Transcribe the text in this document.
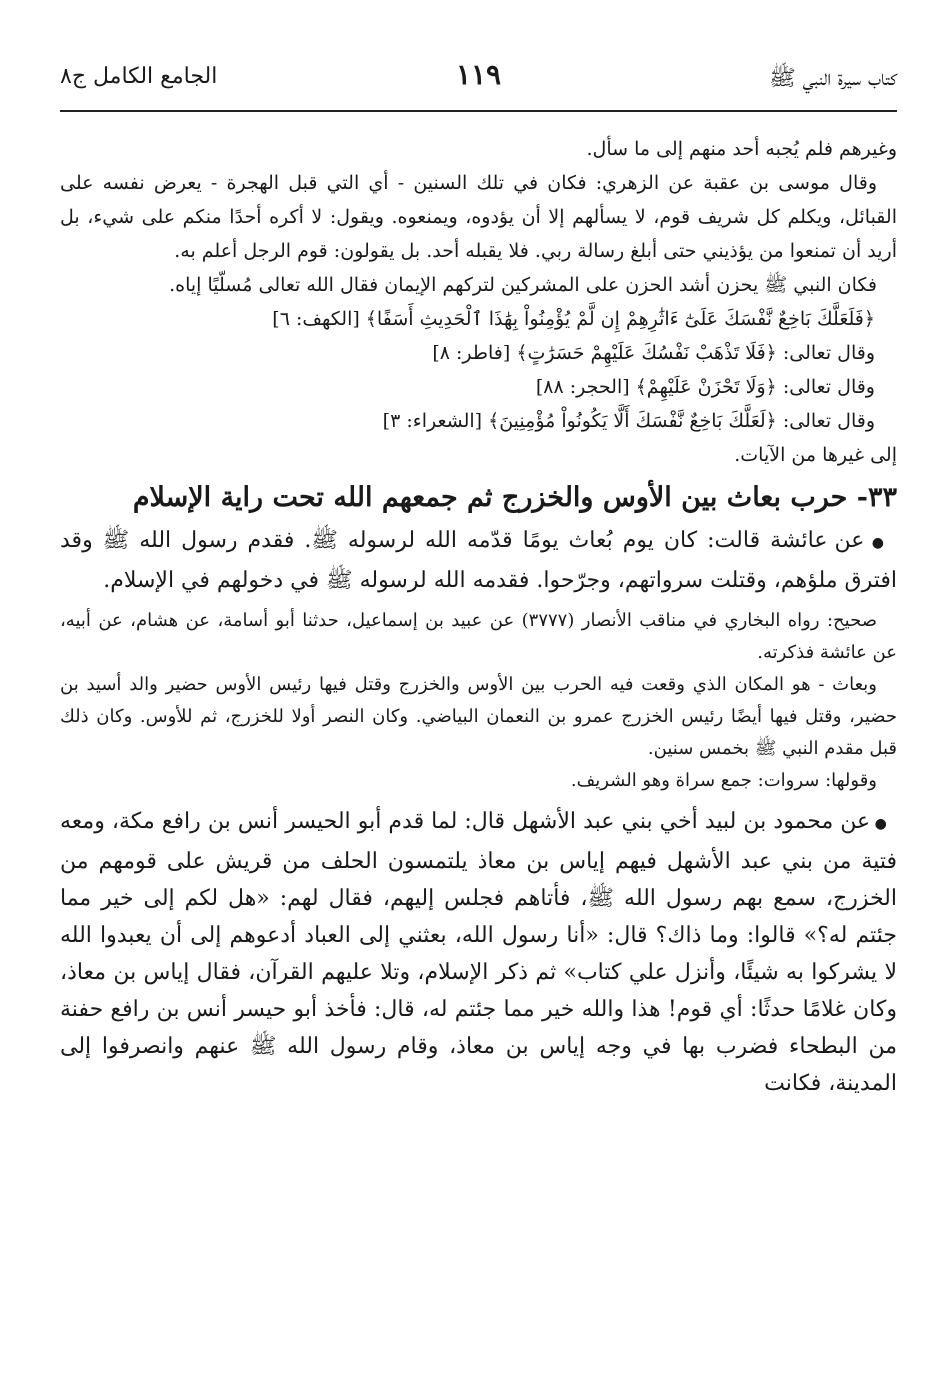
كتاب سيرة النبي ﷺ
١١٩
الجامع الكامل ج٨

وغيرهم فلم يُجبه أحد منهم إلى ما سأل.

وقال موسى بن عقبة عن الزهري: فكان في تلك السنين - أي التي قبل الهجرة - يعرض نفسه على القبائل، ويكلم كل شريف قوم، لا يسألهم إلا أن يؤدوه، ويمنعوه. ويقول: لا أكره أحدًا منكم على شيء، بل أريد أن تمنعوا من يؤذيني حتى أبلغ رسالة ربي. فلا يقبله أحد. بل يقولون: قوم الرجل أعلم به.

فكان النبي ﷺ يحزن أشد الحزن على المشركين لتركهم الإيمان فقال الله تعالى مُسلّيًا إياه.

﴿فَلَعَلَّكَ بَاخِعٌ نَّفْسَكَ عَلَىٰٓ ءَاثَٰرِهِمْ إِن لَّمْ يُؤْمِنُواْ بِهَٰذَا ٱلْحَدِيثِ أَسَفًا﴾ [الكهف: ٦]

وقال تعالى: ﴿فَلَا تَذْهَبْ نَفْسُكَ عَلَيْهِمْ حَسَرَٰتٍ﴾ [فاطر: ٨]

وقال تعالى: ﴿وَلَا تَحْزَنْ عَلَيْهِمْ﴾ [الحجر: ٨٨]

وقال تعالى: ﴿لَعَلَّكَ بَاخِعٌ نَّفْسَكَ أَلَّا يَكُونُواْ مُؤْمِنِينَ﴾ [الشعراء: ٣]

إلى غيرها من الآيات.

٣٣- حرب بعاث بين الأوس والخزرج ثم جمعهم الله تحت راية الإسلام

● عن عائشة قالت: كان يوم بُعاث يومًا قدّمه الله لرسوله ﷺ. فقدم رسول الله ﷺ وقد افترق ملؤهم، وقتلت سرواتهم، وجرّحوا. فقدمه الله لرسوله ﷺ في دخولهم في الإسلام.

صحيح: رواه البخاري في مناقب الأنصار (٣٧٧٧) عن عبيد بن إسماعيل، حدثنا أبو أسامة، عن هشام، عن أبيه، عن عائشة فذكرته.

وبعاث - هو المكان الذي وقعت فيه الحرب بين الأوس والخزرج وقتل فيها رئيس الأوس حضير والد أسيد بن حضير، وقتل فيها أيضًا رئيس الخزرج عمرو بن النعمان البياضي. وكان النصر أولا للخزرج، ثم للأوس. وكان ذلك قبل مقدم النبي ﷺ بخمس سنين.

وقولها: سروات: جمع سراة وهو الشريف.

● عن محمود بن لبيد أخي بني عبد الأشهل قال: لما قدم أبو الحيسر أنس بن رافع مكة، ومعه فتية من بني عبد الأشهل فيهم إياس بن معاذ يلتمسون الحلف من قريش على قومهم من الخزرج، سمع بهم رسول الله ﷺ، فأتاهم فجلس إليهم، فقال لهم: «هل لكم إلى خير مما جئتم له؟» قالوا: وما ذاك؟ قال: «أنا رسول الله، بعثني إلى العباد أدعوهم إلى أن يعبدوا الله لا يشركوا به شيئًا، وأنزل علي كتاب» ثم ذكر الإسلام، وتلا عليهم القرآن، فقال إياس بن معاذ، وكان غلامًا حدثًا: أي قوم! هذا والله خير مما جئتم له، قال: فأخذ أبو حيسر أنس بن رافع حفنة من البطحاء فضرب بها في وجه إياس بن معاذ، وقام رسول الله ﷺ عنهم وانصرفوا إلى المدينة، فكانت
